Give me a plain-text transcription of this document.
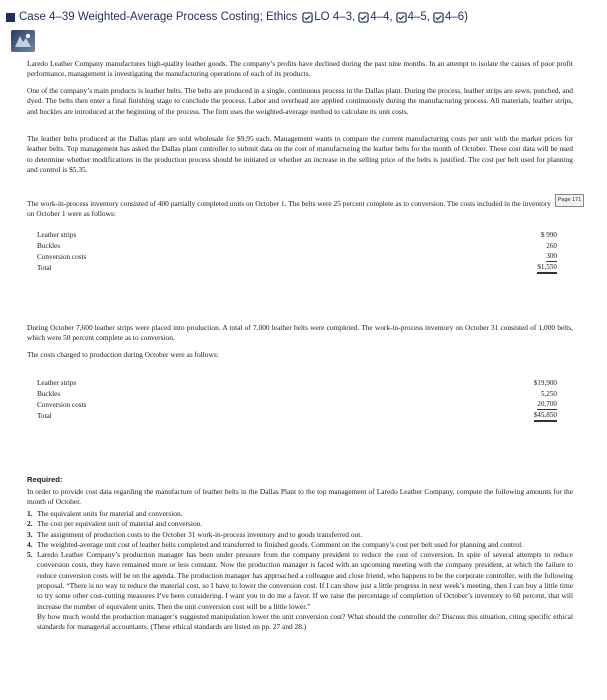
Case 4–39 Weighted-Average Process Costing; Ethics LO 4–3, 4–4, 4–5, 4–6)

Laredo Leather Company manufactures high-quality leather goods. The company’s profits have declined during the past nine months. In an attempt to isolate the causes of poor profit performance, management is investigating the manufacturing operations of each of its products.

One of the company’s main products is leather belts. The belts are produced in a single, continuous process in the Dallas plant. During the process, leather strips are sewn, punched, and dyed. The belts then enter a final finishing stage to conclude the process. Labor and overhead are applied continuously during the manufacturing process. All materials, leather strips, and buckles are introduced at the beginning of the process. The firm uses the weighted-average method to calculate its unit costs.

The leather belts produced at the Dallas plant are sold wholesale for $9.95 each. Management wants to compare the current manufacturing costs per unit with the market prices for leather belts. Top management has asked the Dallas plant controller to submit data on the cost of manufacturing the leather belts for the month of October. These cost data will be used to determine whether modifications in the production process should be initiated or whether an increase in the selling price of the belts is justified. The cost per belt used for planning and control is $5.35.

The work-in-process inventory consisted of 400 partially completed units on October 1. The belts were 25 percent complete as to conversion. The costs included in the inventory on October 1 were as follows:

Page 171
Leather strips	$ 990
Buckles	260
Conversion costs	300
Total	$1,550

During October 7,600 leather strips were placed into production. A total of 7,000 leather belts were completed. The work-in-process inventory on October 31 consisted of 1,000 belts, which were 50 percent complete as to conversion.

The costs charged to production during October were as follows:

Leather strips	$19,900
Buckles	5,250
Conversion costs	20,700
Total	$45,850
Required:

In order to provide cost data regarding the manufacture of leather belts in the Dallas Plant to the top management of Laredo Leather Company, compute the following amounts for the month of October.

1. The equivalent units for material and conversion.
2. The cost per equivalent unit of material and conversion.
3. The assignment of production costs to the October 31 work-in-process inventory and to goods transferred out.
4. The weighted-average unit cost of leather belts completed and transferred to finished goods. Comment on the company’s cost per belt used for planning and control.
5. Laredo Leather Company’s production manager has been under pressure from the company president to reduce the cost of conversion. In spite of several attempts to reduce conversion costs, they have remained more or less constant. Now the production manager is faced with an upcoming meeting with the company president, at which the failure to reduce conversion costs will be on the agenda. The production manager has approached a colleague and close friend, who happens to be the corporate controller, with the following proposal. “There is no way to reduce the material cost, so I have to lower the conversion cost. If I can show just a little progress in next week’s meeting, then I can buy a little time to try some other cost-cutting measures I’ve been considering. I want you to do me a favor. If we raise the percentage of completion of October’s inventory to 60 percent, that will increase the number of equivalent units. Then the unit conversion cost will be a little lower.”
By how much would the production manager’s suggested manipulation lower the unit conversion cost? What should the controller do? Discuss this situation, citing specific ethical standards for managerial accountants. (These ethical standards are listed on pp. 27 and 28.)
